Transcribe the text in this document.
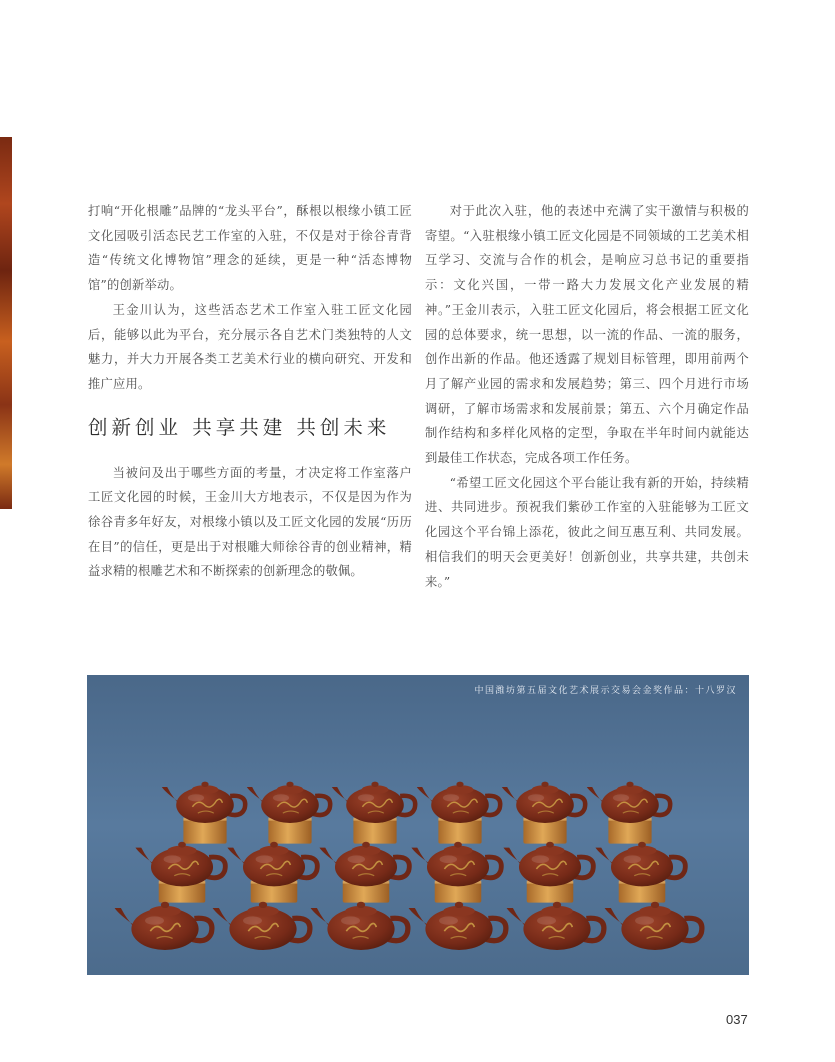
打响“开化根雕”品牌的“龙头平台”，酥根以根缘小镇工匠文化园吸引活态民艺工作室的入驻，不仅是对于徐谷青背造“传统文化博物馆”理念的延续，更是一种“活态博物馆”的创新举动。

王金川认为，这些活态艺术工作室入驻工匠文化园后，能够以此为平台，充分展示各自艺术门类独特的人文魅力，并大力开展各类工艺美术行业的横向研究、开发和推广应用。

创新创业 共享共建 共创未来

当被问及出于哪些方面的考量，才决定将工作室落户工匠文化园的时候，王金川大方地表示，不仅是因为作为徐谷青多年好友，对根缘小镇以及工匠文化园的发展“历历在目”的信任，更是出于对根雕大师徐谷青的创业精神，精益求精的根雕艺术和不断探索的创新理念的敬佩。

对于此次入驻，他的表述中充满了实干激情与积极的寄望。“入驻根缘小镇工匠文化园是不同领域的工艺美术相互学习、交流与合作的机会，是响应习总书记的重要指示：文化兴国，一带一路大力发展文化产业发展的精神。”王金川表示，入驻工匠文化园后，将会根据工匠文化园的总体要求，统一思想，以一流的作品、一流的服务，创作出新的作品。他还透露了规划目标管理，即用前两个月了解产业园的需求和发展趋势；第三、四个月进行市场调研，了解市场需求和发展前景；第五、六个月确定作品制作结构和多样化风格的定型，争取在半年时间内就能达到最佳工作状态，完成各项工作任务。

“希望工匠文化园这个平台能让我有新的开始，持续精进、共同进步。预祝我们紫砂工作室的入驻能够为工匠文化园这个平台锦上添花，彼此之间互惠互利、共同发展。相信我们的明天会更美好！创新创业，共享共建，共创未来。”

中国潍坊第五届文化艺术展示交易会金奖作品：十八罗汉
037
